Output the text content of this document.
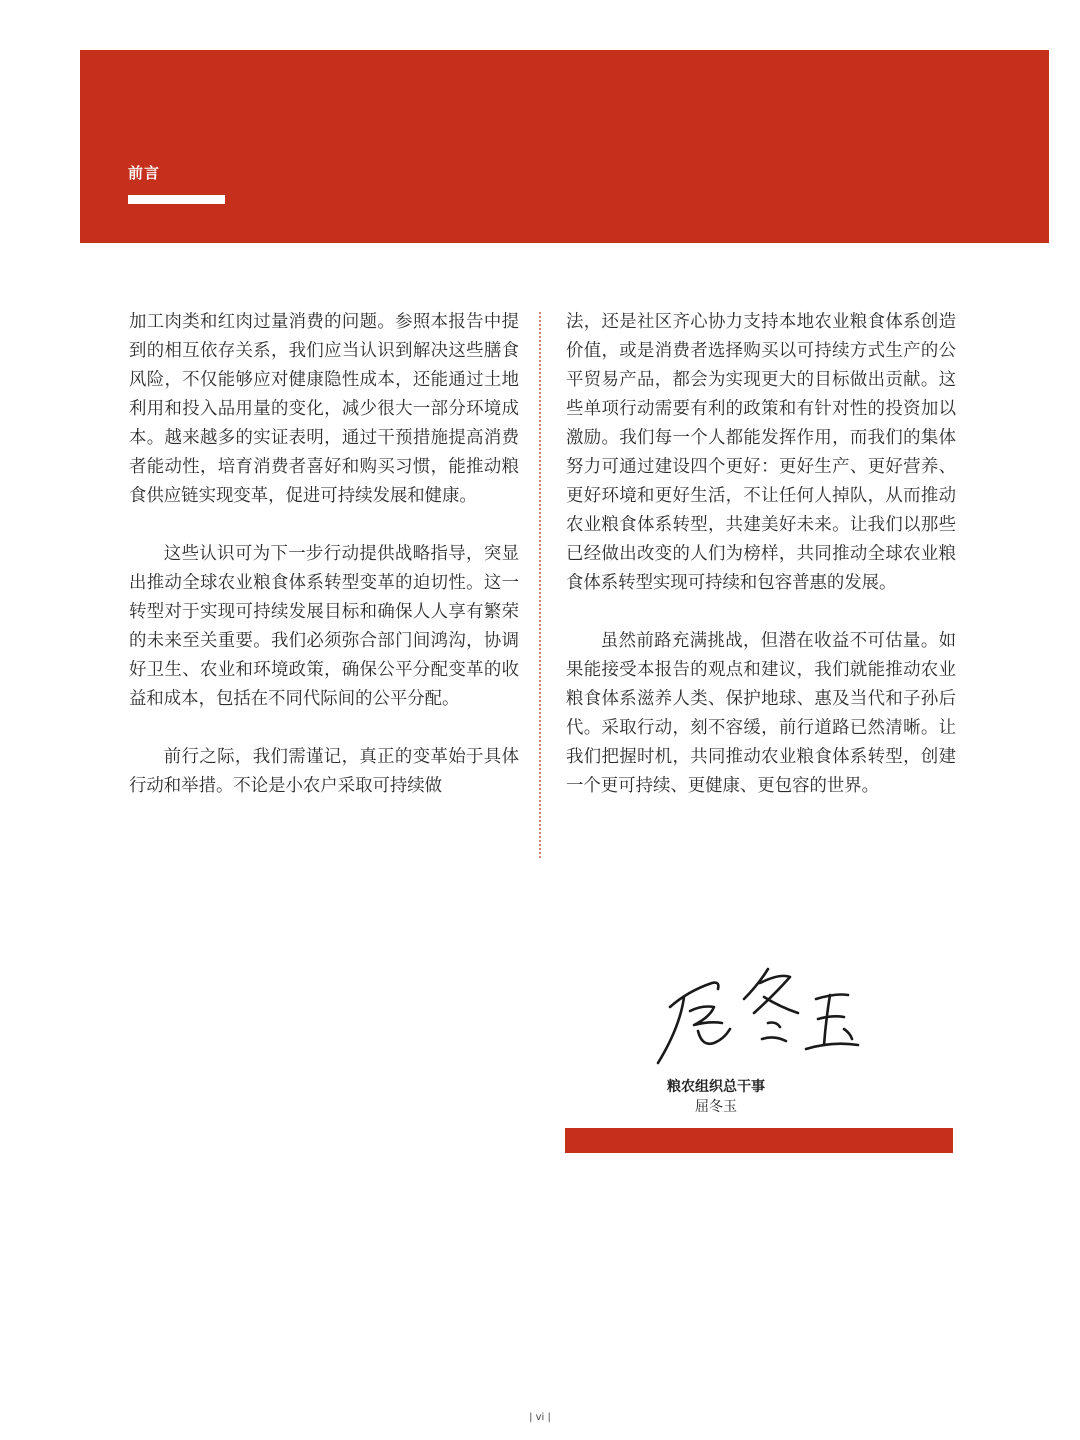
前言

加工肉类和红肉过量消费的问题。参照本报告中提到的相互依存关系，我们应当认识到解决这些膳食风险，不仅能够应对健康隐性成本，还能通过土地利用和投入品用量的变化，减少很大一部分环境成本。越来越多的实证表明，通过干预措施提高消费者能动性，培育消费者喜好和购买习惯，能推动粮食供应链实现变革，促进可持续发展和健康。

这些认识可为下一步行动提供战略指导，突显出推动全球农业粮食体系转型变革的迫切性。这一转型对于实现可持续发展目标和确保人人享有繁荣的未来至关重要。我们必须弥合部门间鸿沟，协调好卫生、农业和环境政策，确保公平分配变革的收益和成本，包括在不同代际间的公平分配。

前行之际，我们需谨记，真正的变革始于具体行动和举措。不论是小农户采取可持续做

法，还是社区齐心协力支持本地农业粮食体系创造价值，或是消费者选择购买以可持续方式生产的公平贸易产品，都会为实现更大的目标做出贡献。这些单项行动需要有利的政策和有针对性的投资加以激励。我们每一个人都能发挥作用，而我们的集体努力可通过建设四个更好：更好生产、更好营养、更好环境和更好生活，不让任何人掉队，从而推动农业粮食体系转型，共建美好未来。让我们以那些已经做出改变的人们为榜样，共同推动全球农业粮食体系转型实现可持续和包容普惠的发展。

虽然前路充满挑战，但潜在收益不可估量。如果能接受本报告的观点和建议，我们就能推动农业粮食体系滋养人类、保护地球、惠及当代和子孙后代。采取行动，刻不容缓，前行道路已然清晰。让我们把握时机，共同推动农业粮食体系转型，创建一个更可持续、更健康、更包容的世界。

粮农组织总干事
屈冬玉
| vi |
